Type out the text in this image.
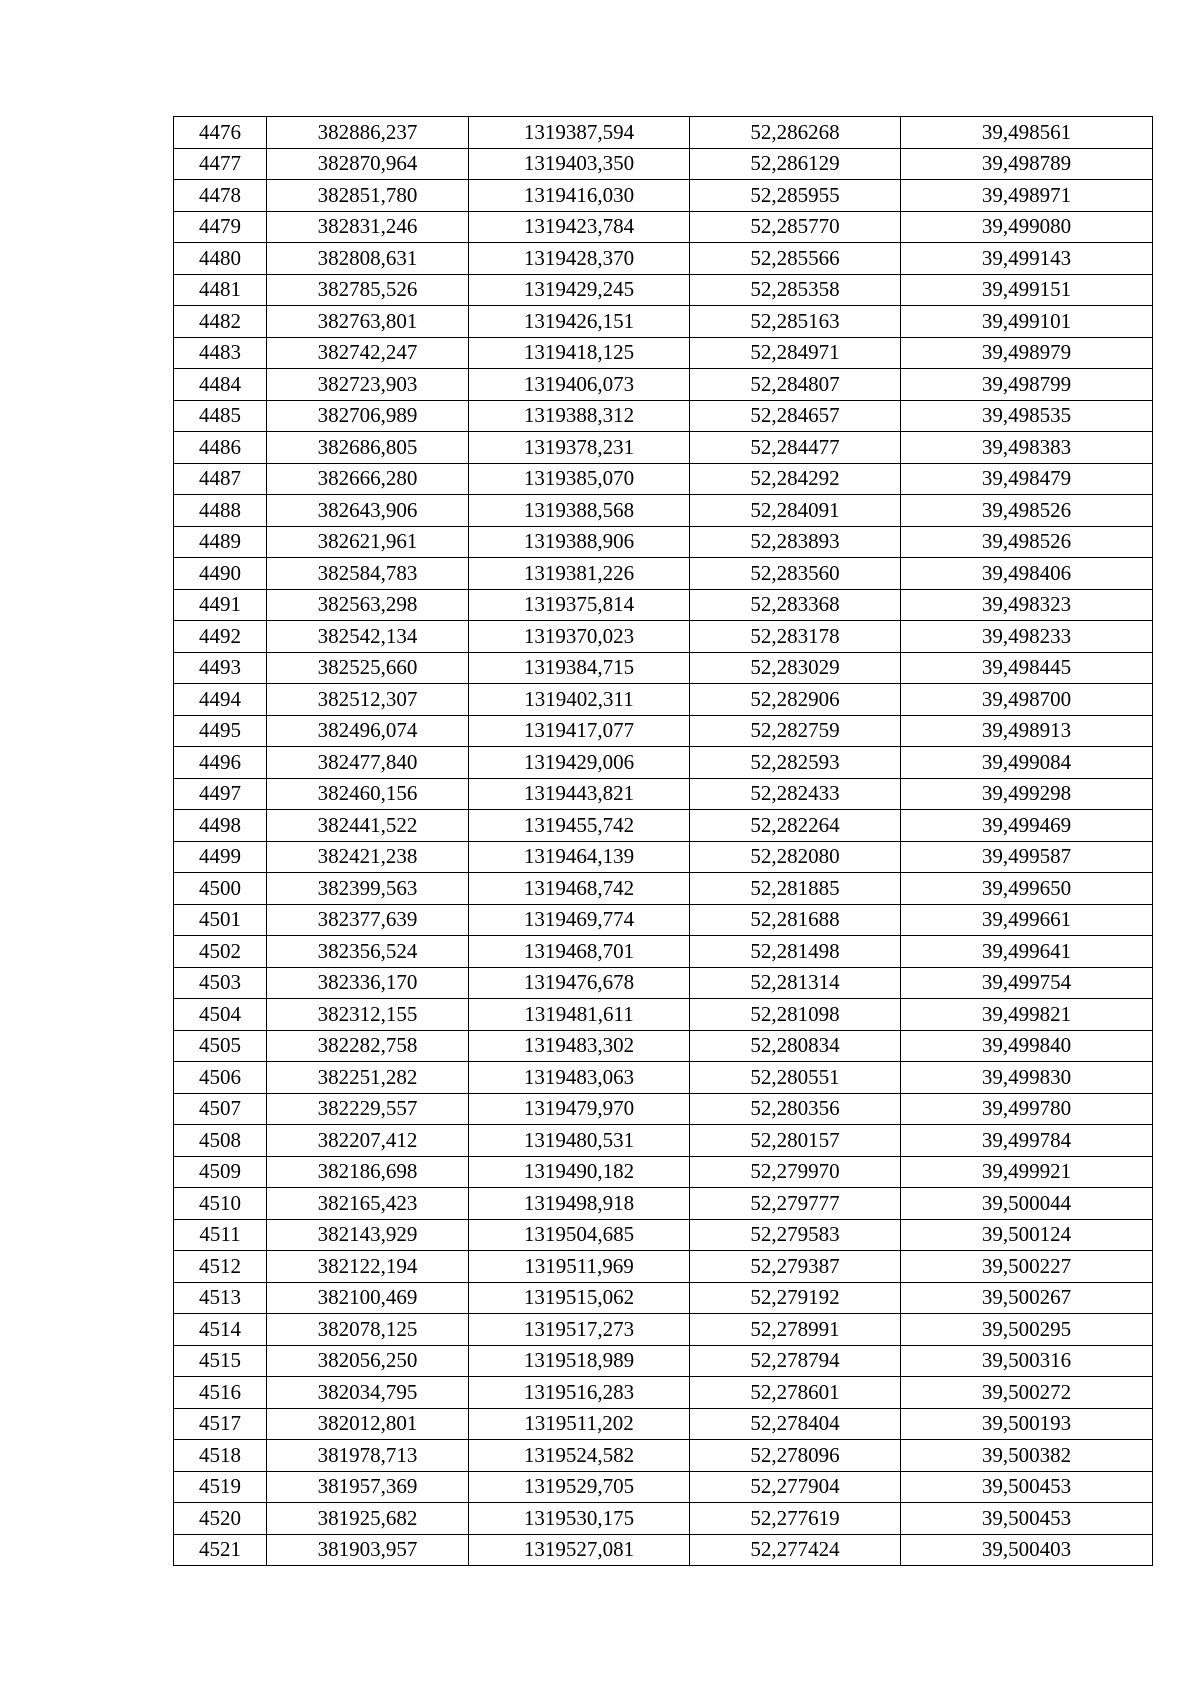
4476	382886,237	1319387,594	52,286268	39,498561
4477	382870,964	1319403,350	52,286129	39,498789
4478	382851,780	1319416,030	52,285955	39,498971
4479	382831,246	1319423,784	52,285770	39,499080
4480	382808,631	1319428,370	52,285566	39,499143
4481	382785,526	1319429,245	52,285358	39,499151
4482	382763,801	1319426,151	52,285163	39,499101
4483	382742,247	1319418,125	52,284971	39,498979
4484	382723,903	1319406,073	52,284807	39,498799
4485	382706,989	1319388,312	52,284657	39,498535
4486	382686,805	1319378,231	52,284477	39,498383
4487	382666,280	1319385,070	52,284292	39,498479
4488	382643,906	1319388,568	52,284091	39,498526
4489	382621,961	1319388,906	52,283893	39,498526
4490	382584,783	1319381,226	52,283560	39,498406
4491	382563,298	1319375,814	52,283368	39,498323
4492	382542,134	1319370,023	52,283178	39,498233
4493	382525,660	1319384,715	52,283029	39,498445
4494	382512,307	1319402,311	52,282906	39,498700
4495	382496,074	1319417,077	52,282759	39,498913
4496	382477,840	1319429,006	52,282593	39,499084
4497	382460,156	1319443,821	52,282433	39,499298
4498	382441,522	1319455,742	52,282264	39,499469
4499	382421,238	1319464,139	52,282080	39,499587
4500	382399,563	1319468,742	52,281885	39,499650
4501	382377,639	1319469,774	52,281688	39,499661
4502	382356,524	1319468,701	52,281498	39,499641
4503	382336,170	1319476,678	52,281314	39,499754
4504	382312,155	1319481,611	52,281098	39,499821
4505	382282,758	1319483,302	52,280834	39,499840
4506	382251,282	1319483,063	52,280551	39,499830
4507	382229,557	1319479,970	52,280356	39,499780
4508	382207,412	1319480,531	52,280157	39,499784
4509	382186,698	1319490,182	52,279970	39,499921
4510	382165,423	1319498,918	52,279777	39,500044
4511	382143,929	1319504,685	52,279583	39,500124
4512	382122,194	1319511,969	52,279387	39,500227
4513	382100,469	1319515,062	52,279192	39,500267
4514	382078,125	1319517,273	52,278991	39,500295
4515	382056,250	1319518,989	52,278794	39,500316
4516	382034,795	1319516,283	52,278601	39,500272
4517	382012,801	1319511,202	52,278404	39,500193
4518	381978,713	1319524,582	52,278096	39,500382
4519	381957,369	1319529,705	52,277904	39,500453
4520	381925,682	1319530,175	52,277619	39,500453
4521	381903,957	1319527,081	52,277424	39,500403
